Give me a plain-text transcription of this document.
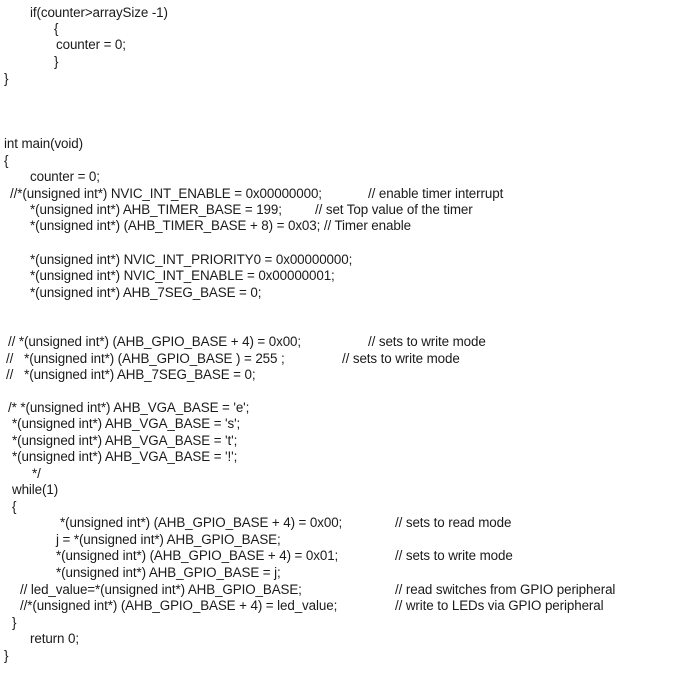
if(counter>arraySize -1)
{
counter = 0;
}
}
int main(void)
{
counter = 0;
//*(unsigned int*) NVIC_INT_ENABLE = 0x00000000;	// enable timer interrupt
*(unsigned int*) AHB_TIMER_BASE = 199; // set Top value of the timer
*(unsigned int*) (AHB_TIMER_BASE + 8) = 0x03; // Timer enable
*(unsigned int*) NVIC_INT_PRIORITY0 = 0x00000000;
*(unsigned int*) NVIC_INT_ENABLE = 0x00000001;
*(unsigned int*) AHB_7SEG_BASE = 0;
// *(unsigned int*) (AHB_GPIO_BASE + 4) = 0x00;	// sets to write mode
//   *(unsigned int*) (AHB_GPIO_BASE ) = 255 ;	// sets to write mode
//   *(unsigned int*) AHB_7SEG_BASE = 0;
/* *(unsigned int*) AHB_VGA_BASE = 'e';
*(unsigned int*) AHB_VGA_BASE = 's';
*(unsigned int*) AHB_VGA_BASE = 't';
*(unsigned int*) AHB_VGA_BASE = '!';
*/
while(1)
{
*(unsigned int*) (AHB_GPIO_BASE + 4) = 0x00;	// sets to read mode
j = *(unsigned int*) AHB_GPIO_BASE;
*(unsigned int*) (AHB_GPIO_BASE + 4) = 0x01;	// sets to write mode
*(unsigned int*) AHB_GPIO_BASE = j;
// led_value=*(unsigned int*) AHB_GPIO_BASE;	// read switches from GPIO peripheral
//*(unsigned int*) (AHB_GPIO_BASE + 4) = led_value;	// write to LEDs via GPIO peripheral
}
return 0;
}
